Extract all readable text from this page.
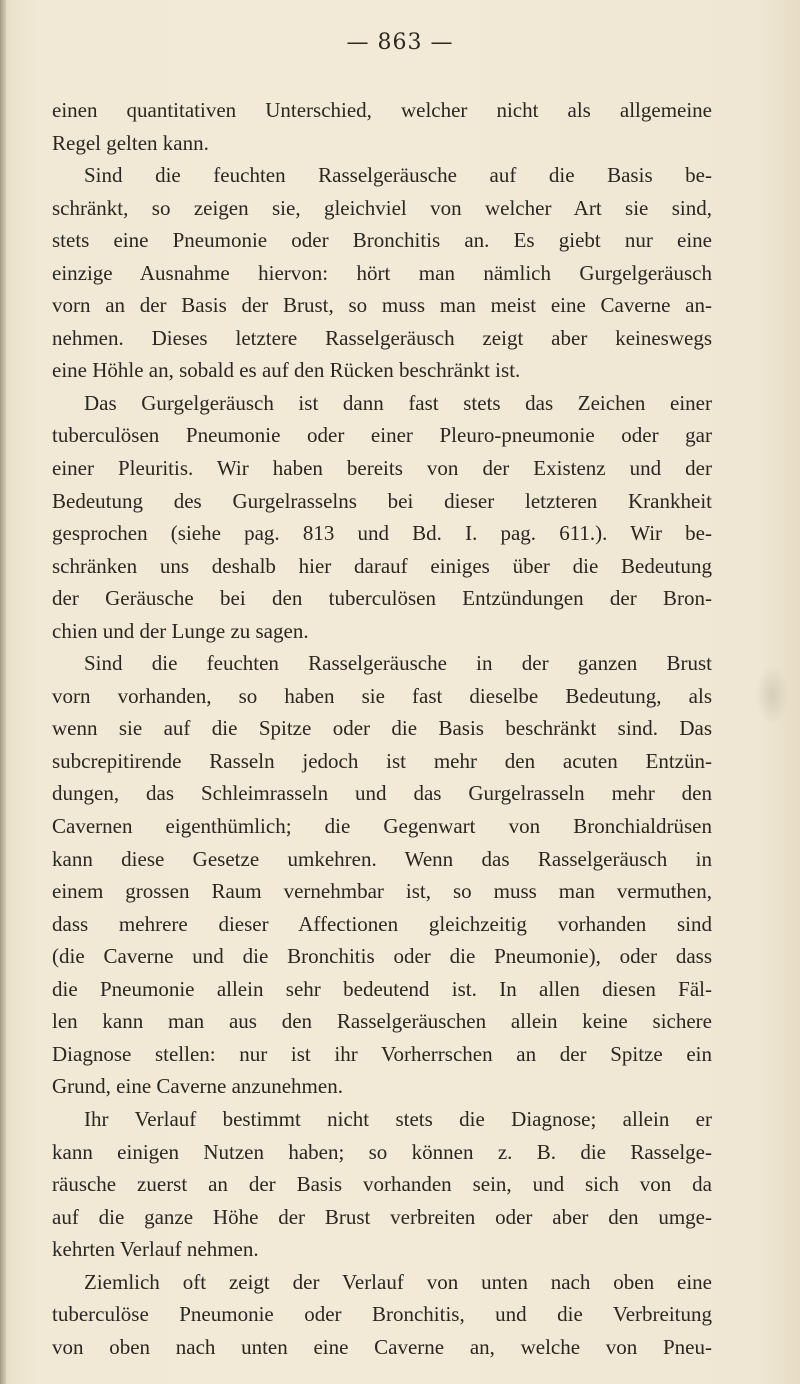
— 863 —
einen quantitativen Unterschied, welcher nicht als allgemeine
Regel gelten kann.
Sind die feuchten Rasselgeräusche auf die Basis be-
schränkt, so zeigen sie, gleichviel von welcher Art sie sind,
stets eine Pneumonie oder Bronchitis an. Es giebt nur eine
einzige Ausnahme hiervon: hört man nämlich Gurgelgeräusch
vorn an der Basis der Brust, so muss man meist eine Caverne an-
nehmen. Dieses letztere Rasselgeräusch zeigt aber keineswegs
eine Höhle an, sobald es auf den Rücken beschränkt ist.
Das Gurgelgeräusch ist dann fast stets das Zeichen einer
tuberculösen Pneumonie oder einer Pleuro-pneumonie oder gar
einer Pleuritis. Wir haben bereits von der Existenz und der
Bedeutung des Gurgelrasselns bei dieser letzteren Krankheit
gesprochen (siehe pag. 813 und Bd. I. pag. 611.). Wir be-
schränken uns deshalb hier darauf einiges über die Bedeutung
der Geräusche bei den tuberculösen Entzündungen der Bron-
chien und der Lunge zu sagen.
Sind die feuchten Rasselgeräusche in der ganzen Brust
vorn vorhanden, so haben sie fast dieselbe Bedeutung, als
wenn sie auf die Spitze oder die Basis beschränkt sind. Das
subcrepitirende Rasseln jedoch ist mehr den acuten Entzün-
dungen, das Schleimrasseln und das Gurgelrasseln mehr den
Cavernen eigenthümlich; die Gegenwart von Bronchialdrüsen
kann diese Gesetze umkehren. Wenn das Rasselgeräusch in
einem grossen Raum vernehmbar ist, so muss man vermuthen,
dass mehrere dieser Affectionen gleichzeitig vorhanden sind
(die Caverne und die Bronchitis oder die Pneumonie), oder dass
die Pneumonie allein sehr bedeutend ist. In allen diesen Fäl-
len kann man aus den Rasselgeräuschen allein keine sichere
Diagnose stellen: nur ist ihr Vorherrschen an der Spitze ein
Grund, eine Caverne anzunehmen.
Ihr Verlauf bestimmt nicht stets die Diagnose; allein er
kann einigen Nutzen haben; so können z. B. die Rasselge-
räusche zuerst an der Basis vorhanden sein, und sich von da
auf die ganze Höhe der Brust verbreiten oder aber den umge-
kehrten Verlauf nehmen.
Ziemlich oft zeigt der Verlauf von unten nach oben eine
tuberculöse Pneumonie oder Bronchitis, und die Verbreitung
von oben nach unten eine Caverne an, welche von Pneu-
